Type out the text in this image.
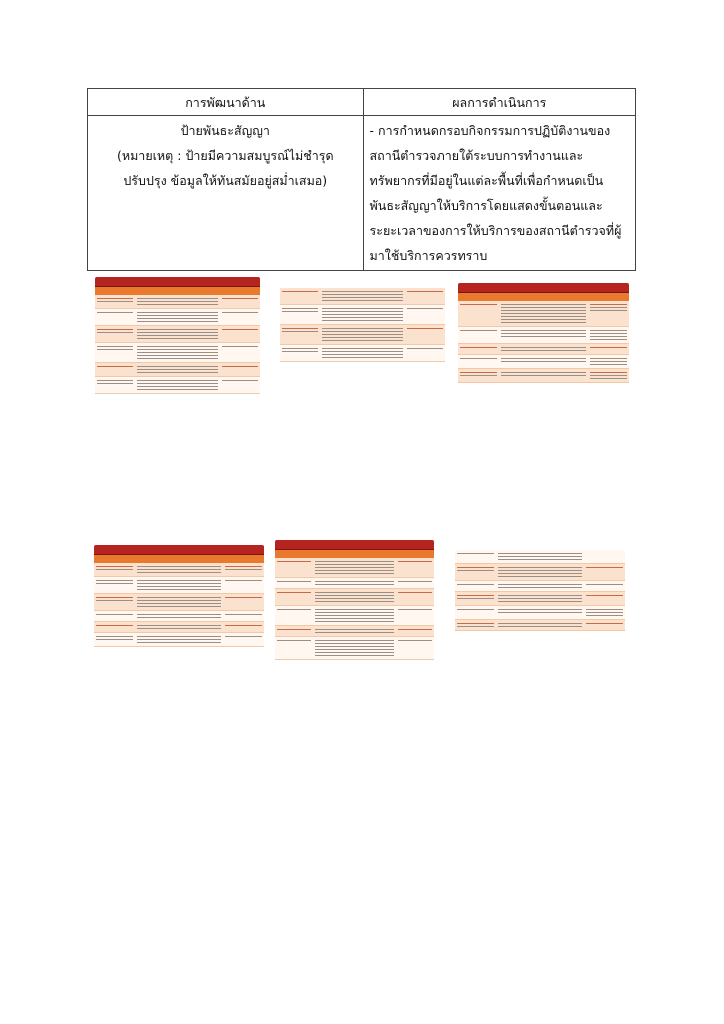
การพัฒนาด้าน	ผลการดำเนินการ

ป้ายพันธะสัญญา
(หมายเหตุ : ป้ายมีความสมบูรณ์ไม่ชำรุด ปรับปรุง ข้อมูลให้ทันสมัยอยู่สม่ำเสมอ)	- การกำหนดกรอบกิจกรรมการปฏิบัติงานของสถานีตำรวจภายใต้ระบบการทำงานและทรัพยากรที่มีอยู่ในแต่ละพื้นที่เพื่อกำหนดเป็นพันธะสัญญาให้บริการโดยแสดงขั้นตอนและระยะเวลาของการให้บริการของสถานีตำรวจที่ผู้มาใช้บริการควรทราบ
